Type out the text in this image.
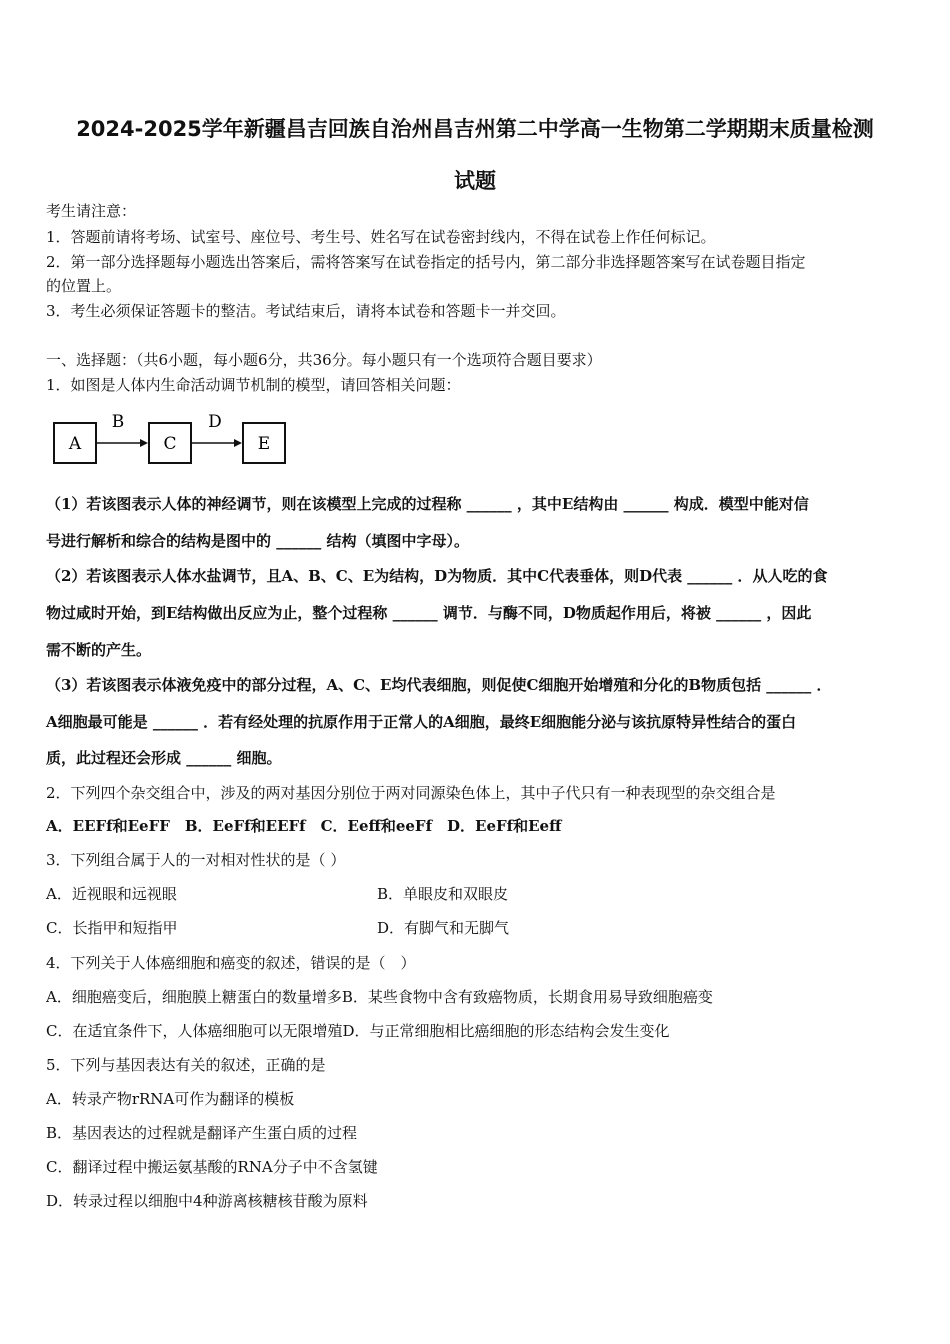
2024-2025学年新疆昌吉回族自治州昌吉州第二中学高一生物第二学期期末质量检测
试题
考生请注意：
1．答题前请将考场、试室号、座位号、考生号、姓名写在试卷密封线内，不得在试卷上作任何标记。
2．第一部分选择题每小题选出答案后，需将答案写在试卷指定的括号内，第二部分非选择题答案写在试卷题目指定
的位置上。
3．考生必须保证答题卡的整洁。考试结束后，请将本试卷和答题卡一并交回。
一、选择题：（共6小题，每小题6分，共36分。每小题只有一个选项符合题目要求）
1．如图是人体内生命活动调节机制的模型，请回答相关问题：
A
B
C
D
E
（1）若该图表示人体的神经调节，则在该模型上完成的过程称 ______ ，其中E结构由 ______ 构成．模型中能对信
号进行解析和综合的结构是图中的 ______ 结构（填图中字母）。
（2）若该图表示人体水盐调节，且A、B、C、E为结构，D为物质．其中C代表垂体，则D代表 ______ ．从人吃的食
物过咸时开始，到E结构做出反应为止，整个过程称 ______ 调节．与酶不同，D物质起作用后，将被 ______ ，因此
需不断的产生。
（3）若该图表示体液免疫中的部分过程，A、C、E均代表细胞，则促使C细胞开始增殖和分化的B物质包括 ______ ．
A细胞最可能是 ______ ．若有经处理的抗原作用于正常人的A细胞，最终E细胞能分泌与该抗原特异性结合的蛋白
质，此过程还会形成 ______ 细胞。
2．下列四个杂交组合中，涉及的两对基因分别位于两对同源染色体上，其中子代只有一种表现型的杂交组合是
A．EEFf和EeFF　B．EeFf和EEFf　C．Eeff和eeFf　D．EeFf和Eeff
3．下列组合属于人的一对相对性状的是（ ）
A．近视眼和远视眼	B．单眼皮和双眼皮
C．长指甲和短指甲	D．有脚气和无脚气
4．下列关于人体癌细胞和癌变的叙述，错误的是（　）
A．细胞癌变后，细胞膜上糖蛋白的数量增多B．某些食物中含有致癌物质，长期食用易导致细胞癌变
C．在适宜条件下，人体癌细胞可以无限增殖D．与正常细胞相比癌细胞的形态结构会发生变化
5．下列与基因表达有关的叙述，正确的是
A．转录产物rRNA可作为翻译的模板
B．基因表达的过程就是翻译产生蛋白质的过程
C．翻译过程中搬运氨基酸的RNA分子中不含氢键
D．转录过程以细胞中4种游离核糖核苷酸为原料
